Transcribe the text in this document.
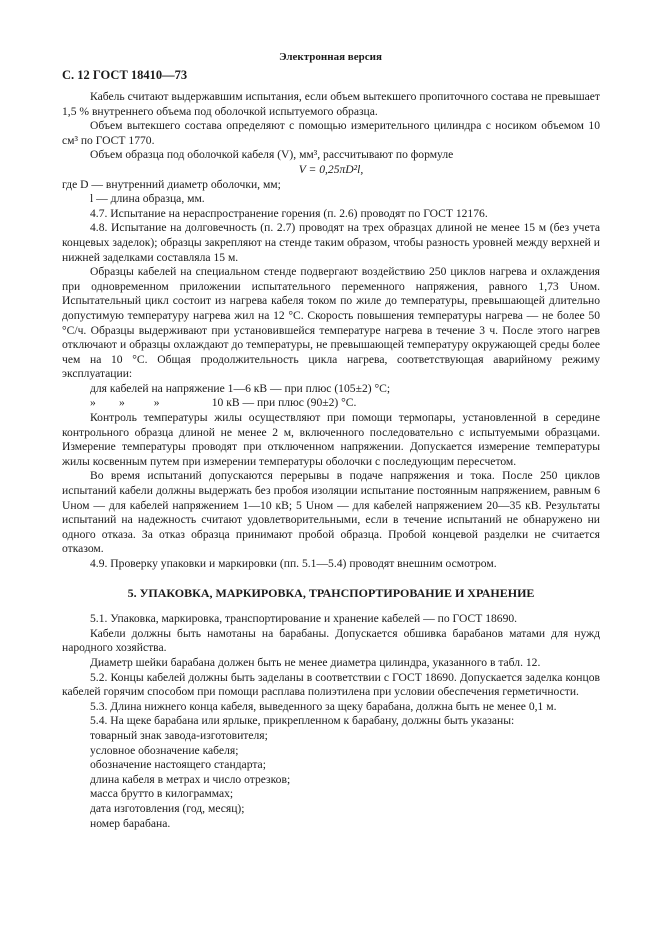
Электронная версия
С. 12 ГОСТ 18410—73

Кабель считают выдержавшим испытания, если объем вытекшего пропиточного состава не превышает 1,5 % внутреннего объема под оболочкой испытуемого образца.

Объем вытекшего состава определяют с помощью измерительного цилиндра с носиком объемом 10 см³ по ГОСТ 1770.

Объем образца под оболочкой кабеля (V), мм³, рассчитывают по формуле

V = 0,25πD²l,

где D — внутренний диаметр оболочки, мм;

l — длина образца, мм.

4.7. Испытание на нераспространение горения (п. 2.6) проводят по ГОСТ 12176.

4.8. Испытание на долговечность (п. 2.7) проводят на трех образцах длиной не менее 15 м (без учета концевых заделок); образцы закрепляют на стенде таким образом, чтобы разность уровней между верхней и нижней заделками составляла 15 м.

Образцы кабелей на специальном стенде подвергают воздействию 250 циклов нагрева и охлаждения при одновременном приложении испытательного переменного напряжения, равного 1,73 Uном. Испытательный цикл состоит из нагрева кабеля током по жиле до температуры, превышающей длительно допустимую температуру нагрева жил на 12 °С. Скорость повышения температуры нагрева — не более 50 °С/ч. Образцы выдерживают при установившейся температуре нагрева в течение 3 ч. После этого нагрев отключают и образцы охлаждают до температуры, не превышающей температуру окружающей среды более чем на 10 °С. Общая продолжительность цикла нагрева, соответствующая аварийному режиму эксплуатации:

для кабелей на напряжение 1—6 кВ — при плюс (105±2) °С;

»        »          »                  10 кВ — при плюс (90±2) °С.

Контроль температуры жилы осуществляют при помощи термопары, установленной в середине контрольного образца длиной не менее 2 м, включенного последовательно с испытуемыми образцами. Измерение температуры проводят при отключенном напряжении. Допускается измерение температуры жилы косвенным путем при измерении температуры оболочки с последующим пересчетом.

Во время испытаний допускаются перерывы в подаче напряжения и тока. После 250 циклов испытаний кабели должны выдержать без пробоя изоляции испытание постоянным напряжением, равным 6 Uном — для кабелей напряжением 1—10 кВ; 5 Uном — для кабелей напряжением 20—35 кВ. Результаты испытаний на надежность считают удовлетворительными, если в течение испытаний не обнаружено ни одного отказа. За отказ образца принимают пробой образца. Пробой концевой разделки не считается отказом.

4.9. Проверку упаковки и маркировки (пп. 5.1—5.4) проводят внешним осмотром.

5. УПАКОВКА, МАРКИРОВКА, ТРАНСПОРТИРОВАНИЕ И ХРАНЕНИЕ

5.1. Упаковка, маркировка, транспортирование и хранение кабелей — по ГОСТ 18690.

Кабели должны быть намотаны на барабаны. Допускается обшивка барабанов матами для нужд народного хозяйства.

Диаметр шейки барабана должен быть не менее диаметра цилиндра, указанного в табл. 12.

5.2. Концы кабелей должны быть заделаны в соответствии с ГОСТ 18690. Допускается заделка концов кабелей горячим способом при помощи расплава полиэтилена при условии обеспечения герметичности.

5.3. Длина нижнего конца кабеля, выведенного за щеку барабана, должна быть не менее 0,1 м.

5.4. На щеке барабана или ярлыке, прикрепленном к барабану, должны быть указаны:

товарный знак завода-изготовителя;

условное обозначение кабеля;

обозначение настоящего стандарта;

длина кабеля в метрах и число отрезков;

масса брутто в килограммах;

дата изготовления (год, месяц);

номер барабана.
